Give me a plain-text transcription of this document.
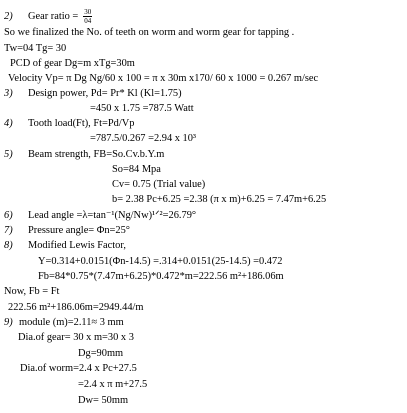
2) Gear ratio = $\frac{30}{04}$
So we finalized the No. of teeth on worm and worm gear for tapping .
Tw=04 Tg= 30
PCD of gear Dg=m xTg=30m
Velocity Vp= π Dg Ng/60 x 100 = π x 30m x170/ 60 x 1000 = 0.267 m/sec
3) Design power, Pd= Pr* Kl (Kl=1.75)
=450 x 1.75 =787.5 Watt
4) Tooth load(Ft), Ft=Pd/Vp
=787.5/0.267 =2.94 x 10³
5) Beam strength, FB=So.Cv.b.Y.m
So=84 Mpa
Cv= 0.75 (Trial value)
b= 2.38 Pc+6.25 =2.38 (π x m)+6.25 = 7.47m+6.25
6) Lead angle =λ=tan⁻¹(Ng/Nw)¹ᐟ²=26.79°
7) Pressure angle= Φn=25°
8) Modified Lewis Factor,
Y=0.314+0.0151(Φn-14.5) =.314+0.0151(25-14.5) =0.472
Fb=84*0.75*(7.47m+6.25)*0.472*m=222.56 m²+186.06m
Now, Fb = Ft
222.56 m²+186.06m=2949.44/m
9) module (m)=2.11≈ 3 mm
Dia.of gear= 30 x m=30 x 3
Dg=90mm
Dia.of worm=2.4 x Pc+27.5
=2.4 x π m+27.5
Dw= 50mm
